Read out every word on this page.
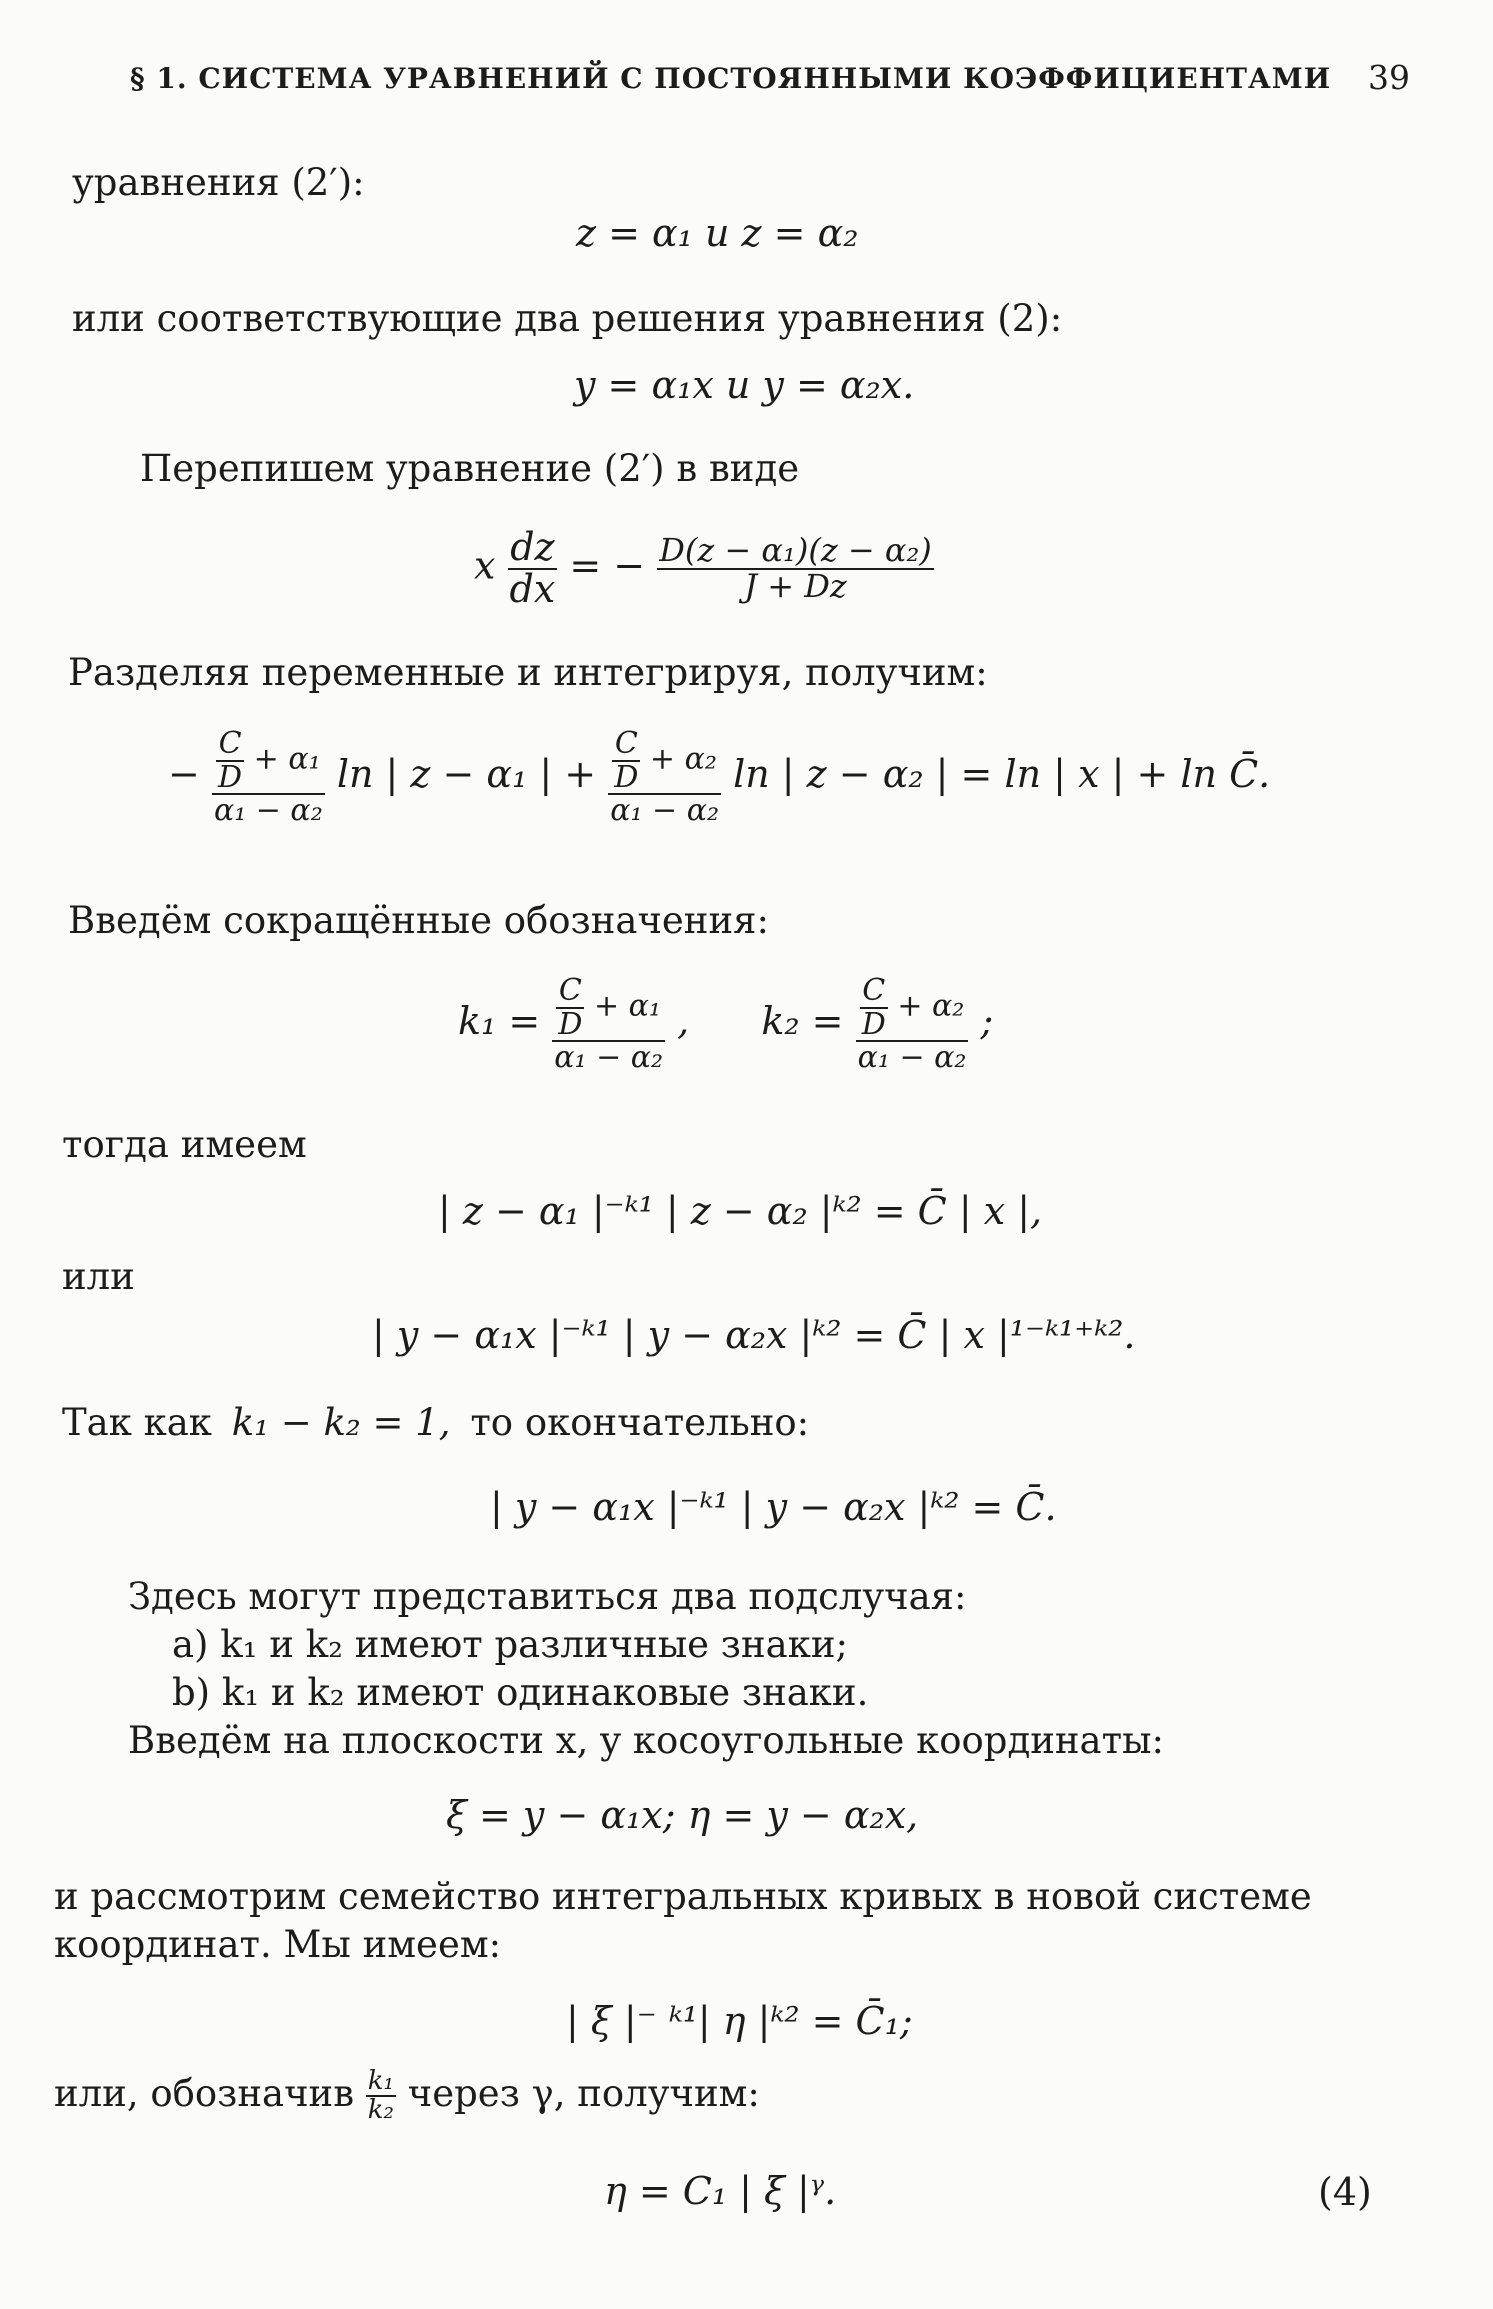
§ 1. СИСТЕМА УРАВНЕНИЙ С ПОСТОЯННЫМИ КОЭФФИЦИЕНТАМИ 39
уравнения (2′):
z = α₁ и z = α₂
или соответствующие два решения уравнения (2):
y = α₁x и y = α₂x.
Перепишем уравнение (2′) в виде
x $\frac{dz}{dx}$ = − $\frac{\text{D(z − α₁)(z − α₂)}}{J + Dz}$
Разделяя переменные и интегрируя, получим:
− $\frac{\frac{C}{D} + \alpha_1}{\text{α₁ − α₂}}$ ln | z − α₁ | + $\frac{\frac{C}{D} + \alpha_2}{\text{α₁ − α₂}}$ ln | z − α₂ | = ln | x | + ln C̄.
Введём сокращённые обозначения:
$k_1 = \frac{\frac{C}{D} + \alpha_1}{\text{α₁ − α₂}}$ , $k_2 = \frac{\frac{C}{D} + \alpha_2}{\text{α₁ − α₂}}$ ;
тогда имеем
| z − α₁ |⁻ᵏ¹ | z − α₂ |ᵏ² = C̄ | x |,
или
| y − α₁x |⁻ᵏ¹ | y − α₂x |ᵏ² = C̄ | x |¹⁻ᵏ¹⁺ᵏ².
Так как k₁ − k₂ = 1, то окончательно:
| y − α₁x |⁻ᵏ¹ | y − α₂x |ᵏ² = C̄.
Здесь могут представиться два подслучая:
a) k₁ и k₂ имеют различные знаки;
b) k₁ и k₂ имеют одинаковые знаки.
Введём на плоскости x, y косоугольные координаты:
ξ = y − α₁x; η = y − α₂x,
и рассмотрим семейство интегральных кривых в новой системе
координат. Мы имеем:
| ξ |⁻ ᵏ¹| η |ᵏ² = C̄₁;
или, обозначив $\frac{\text{k₁}}{\text{k₂}}$ через γ, получим:
η = C₁ | ξ |ᵞ.	(4)
